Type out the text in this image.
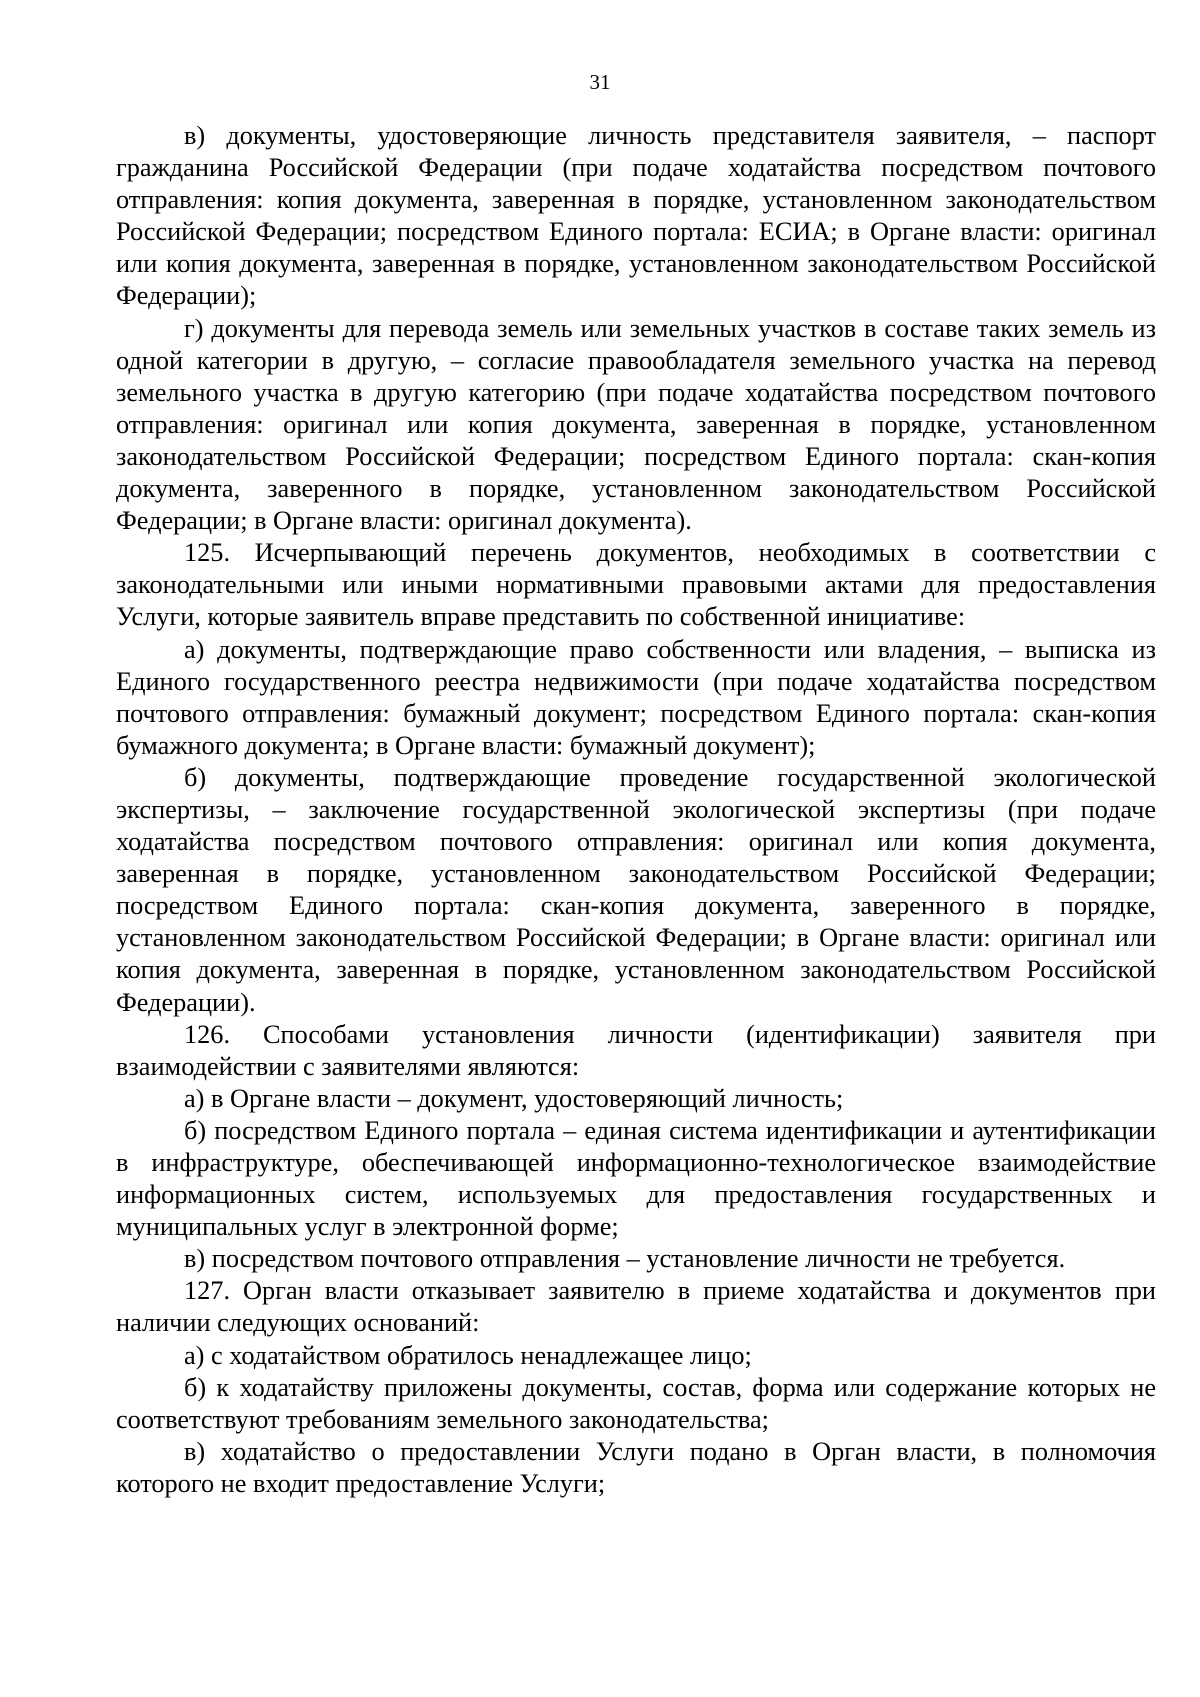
31

в) документы, удостоверяющие личность представителя заявителя, – паспорт гражданина Российской Федерации (при подаче ходатайства посредством почтового отправления: копия документа, заверенная в порядке, установленном законодательством Российской Федерации; посредством Единого портала: ЕСИА; в Органе власти: оригинал или копия документа, заверенная в порядке, установленном законодательством Российской Федерации);

г) документы для перевода земель или земельных участков в составе таких земель из одной категории в другую, – согласие правообладателя земельного участка на перевод земельного участка в другую категорию (при подаче ходатайства посредством почтового отправления: оригинал или копия документа, заверенная в порядке, установленном законодательством Российской Федерации; посредством Единого портала: скан-копия документа, заверенного в порядке, установленном законодательством Российской Федерации; в Органе власти: оригинал документа).

125. Исчерпывающий перечень документов, необходимых в соответствии с законодательными или иными нормативными правовыми актами для предоставления Услуги, которые заявитель вправе представить по собственной инициативе:

а) документы, подтверждающие право собственности или владения, – выписка из Единого государственного реестра недвижимости (при подаче ходатайства посредством почтового отправления: бумажный документ; посредством Единого портала: скан-копия бумажного документа; в Органе власти: бумажный документ);

б) документы, подтверждающие проведение государственной экологической экспертизы, – заключение государственной экологической экспертизы (при подаче ходатайства посредством почтового отправления: оригинал или копия документа, заверенная в порядке, установленном законодательством Российской Федерации; посредством Единого портала: скан-копия документа, заверенного в порядке, установленном законодательством Российской Федерации; в Органе власти: оригинал или копия документа, заверенная в порядке, установленном законодательством Российской Федерации).

126. Способами установления личности (идентификации) заявителя при взаимодействии с заявителями являются:

а) в Органе власти – документ, удостоверяющий личность;

б) посредством Единого портала – единая система идентификации и аутентификации в инфраструктуре, обеспечивающей информационно-технологическое взаимодействие информационных систем, используемых для предоставления государственных и муниципальных услуг в электронной форме;

в) посредством почтового отправления – установление личности не требуется.

127. Орган власти отказывает заявителю в приеме ходатайства и документов при наличии следующих оснований:

а) с ходатайством обратилось ненадлежащее лицо;

б) к ходатайству приложены документы, состав, форма или содержание которых не соответствуют требованиям земельного законодательства;

в) ходатайство о предоставлении Услуги подано в Орган власти, в полномочия которого не входит предоставление Услуги;
